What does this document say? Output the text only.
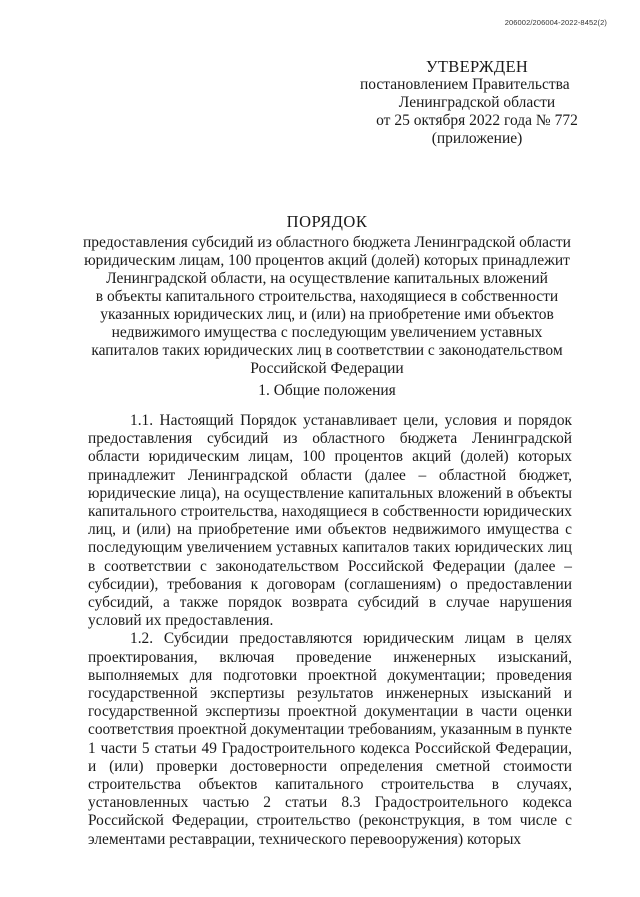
206002/206004-2022-8452(2)
УТВЕРЖДЕН
постановлением Правительства
Ленинградской области
от 25 октября 2022 года № 772
(приложение)
ПОРЯДОК
предоставления субсидий из областного бюджета Ленинградской области
юридическим лицам, 100 процентов акций (долей) которых принадлежит
Ленинградской области, на осуществление капитальных вложений
в объекты капитального строительства, находящиеся в собственности
указанных юридических лиц, и (или) на приобретение ими объектов
недвижимого имущества с последующим увеличением уставных
капиталов таких юридических лиц в соответствии с законодательством
Российской Федерации
1. Общие положения

1.1. Настоящий Порядок устанавливает цели, условия и порядок предоставления субсидий из областного бюджета Ленинградской области юридическим лицам, 100 процентов акций (долей) которых принадлежит Ленинградской области (далее – областной бюджет, юридические лица), на осуществление капитальных вложений в объекты капитального строительства, находящиеся в собственности юридических лиц, и (или) на приобретение ими объектов недвижимого имущества с последующим увеличением уставных капиталов таких юридических лиц в соответствии с законодательством Российской Федерации (далее – субсидии), требования к договорам (соглашениям) о предоставлении субсидий, а также порядок возврата субсидий в случае нарушения условий их предоставления.

1.2. Субсидии предоставляются юридическим лицам в целях проектирования, включая проведение инженерных изысканий, выполняемых для подготовки проектной документации; проведения государственной экспертизы результатов инженерных изысканий и государственной экспертизы проектной документации в части оценки соответствия проектной документации требованиям, указанным в пункте 1 части 5 статьи 49 Градостроительного кодекса Российской Федерации, и (или) проверки достоверности определения сметной стоимости строительства объектов капитального строительства в случаях, установленных частью 2 статьи 8.3 Градостроительного кодекса Российской Федерации, строительство (реконструкция, в том числе с элементами реставрации, технического перевооружения) которых
